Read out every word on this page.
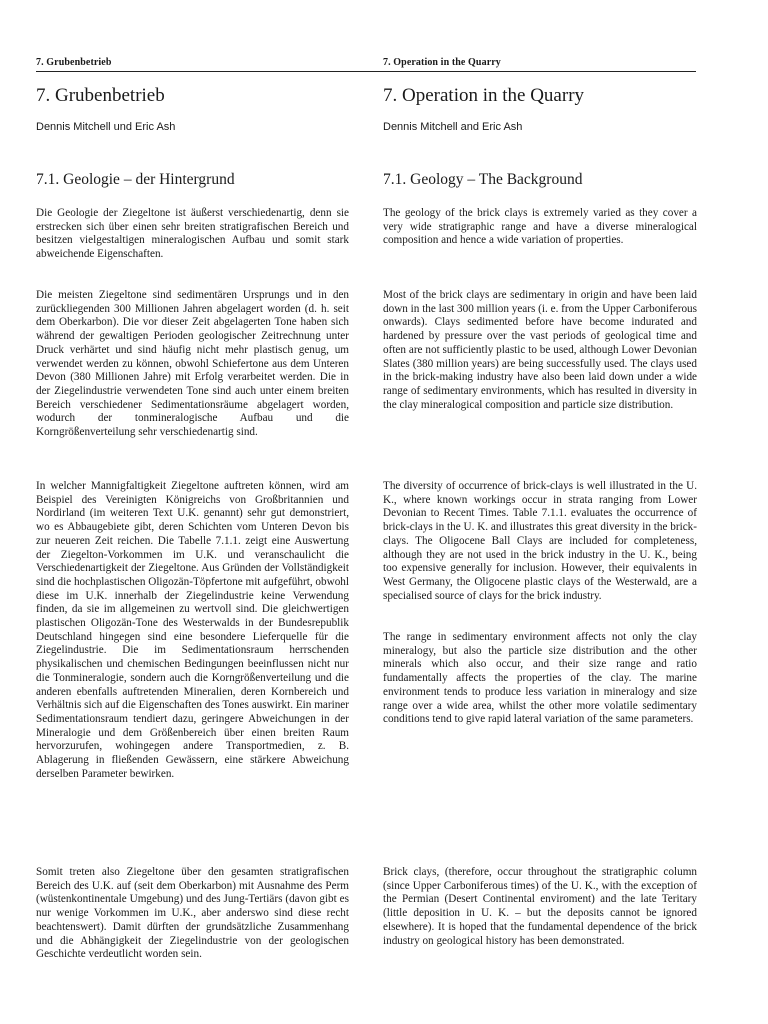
7. Grubenbetrieb	7. Operation in the Quarry
7. Grubenbetrieb	7. Operation in the Quarry
Dennis Mitchell und Eric Ash	Dennis Mitchell and Eric Ash
7.1. Geologie – der Hintergrund	7.1. Geology – The Background

Die Geologie der Ziegeltone ist äußerst verschiedenartig, denn sie erstrecken sich über einen sehr breiten stratigrafischen Bereich und besitzen vielgestaltigen mineralogischen Aufbau und somit stark abweichende Eigenschaften.

Die meisten Ziegeltone sind sedimentären Ursprungs und in den zurückliegenden 300 Millionen Jahren abgelagert worden (d. h. seit dem Oberkarbon). Die vor dieser Zeit abgelagerten Tone haben sich während der gewaltigen Perioden geologischer Zeitrechnung unter Druck verhärtet und sind häufig nicht mehr plastisch genug, um verwendet werden zu können, obwohl Schiefertone aus dem Unteren Devon (380 Millionen Jahre) mit Erfolg verarbeitet werden. Die in der Ziegelindustrie verwendeten Tone sind auch unter einem breiten Bereich verschiedener Sedimentationsräume abgelagert worden, wodurch der tonmineralogische Aufbau und die Korngrößenverteilung sehr verschiedenartig sind.

In welcher Mannigfaltigkeit Ziegeltone auftreten können, wird am Beispiel des Vereinigten Königreichs von Großbritannien und Nordirland (im weiteren Text U.K. genannt) sehr gut demonstriert, wo es Abbaugebiete gibt, deren Schichten vom Unteren Devon bis zur neueren Zeit reichen. Die Tabelle 7.1.1. zeigt eine Auswertung der Ziegelton-Vorkommen im U.K. und veranschaulicht die Verschiedenartigkeit der Ziegeltone. Aus Gründen der Vollständigkeit sind die hochplastischen Oligozän-Töpfertone mit aufgeführt, obwohl diese im U.K. innerhalb der Ziegelindustrie keine Verwendung finden, da sie im allgemeinen zu wertvoll sind. Die gleichwertigen plastischen Oligozän-Tone des Westerwalds in der Bundesrepublik Deutschland hingegen sind eine besondere Lieferquelle für die Ziegelindustrie. Die im Sedimentationsraum herrschenden physikalischen und chemischen Bedingungen beeinflussen nicht nur die Tonmineralogie, sondern auch die Korngrößenverteilung und die anderen ebenfalls auftretenden Mineralien, deren Kornbereich und Verhältnis sich auf die Eigenschaften des Tones auswirkt. Ein mariner Sedimentationsraum tendiert dazu, geringere Abweichungen in der Mineralogie und dem Größenbereich über einen breiten Raum hervorzurufen, wohingegen andere Transportmedien, z. B. Ablagerung in fließenden Gewässern, eine stärkere Abweichung derselben Parameter bewirken.

Somit treten also Ziegeltone über den gesamten stratigrafischen Bereich des U.K. auf (seit dem Oberkarbon) mit Ausnahme des Perm (wüstenkontinentale Umgebung) und des Jung-Tertiärs (davon gibt es nur wenige Vorkommen im U.K., aber anderswo sind diese recht beachtenswert). Damit dürften der grundsätzliche Zusammenhang und die Abhängigkeit der Ziegelindustrie von der geologischen Geschichte verdeutlicht worden sein.

The geology of the brick clays is extremely varied as they cover a very wide stratigraphic range and have a diverse mineralogical composition and hence a wide variation of properties.

Most of the brick clays are sedimentary in origin and have been laid down in the last 300 million years (i. e. from the Upper Carboniferous onwards). Clays sedimented before have become indurated and hardened by pressure over the vast periods of geological time and often are not sufficiently plastic to be used, although Lower Devonian Slates (380 million years) are being successfully used. The clays used in the brick-making industry have also been laid down under a wide range of sedimentary environments, which has resulted in diversity in the clay mineralogical composition and particle size distribution.

The diversity of occurrence of brick-clays is well illustrated in the U. K., where known workings occur in strata ranging from Lower Devonian to Recent Times. Table 7.1.1. evaluates the occurrence of brick-clays in the U. K. and illustrates this great diversity in the brick-clays. The Oligocene Ball Clays are included for completeness, although they are not used in the brick industry in the U. K., being too expensive generally for inclusion. However, their equivalents in West Germany, the Oligocene plastic clays of the Westerwald, are a specialised source of clays for the brick industry.

The range in sedimentary environment affects not only the clay mineralogy, but also the particle size distribution and the other minerals which also occur, and their size range and ratio fundamentally affects the properties of the clay. The marine environment tends to produce less variation in mineralogy and size range over a wide area, whilst the other more volatile sedimentary conditions tend to give rapid lateral variation of the same parameters.

Brick clays, (therefore, occur throughout the stratigraphic column (since Upper Carboniferous times) of the U. K., with the exception of the Permian (Desert Continental enviroment) and the late Teritary (little deposition in U. K. – but the deposits cannot be ignored elsewhere). It is hoped that the fundamental dependence of the brick industry on geological history has been demonstrated.
